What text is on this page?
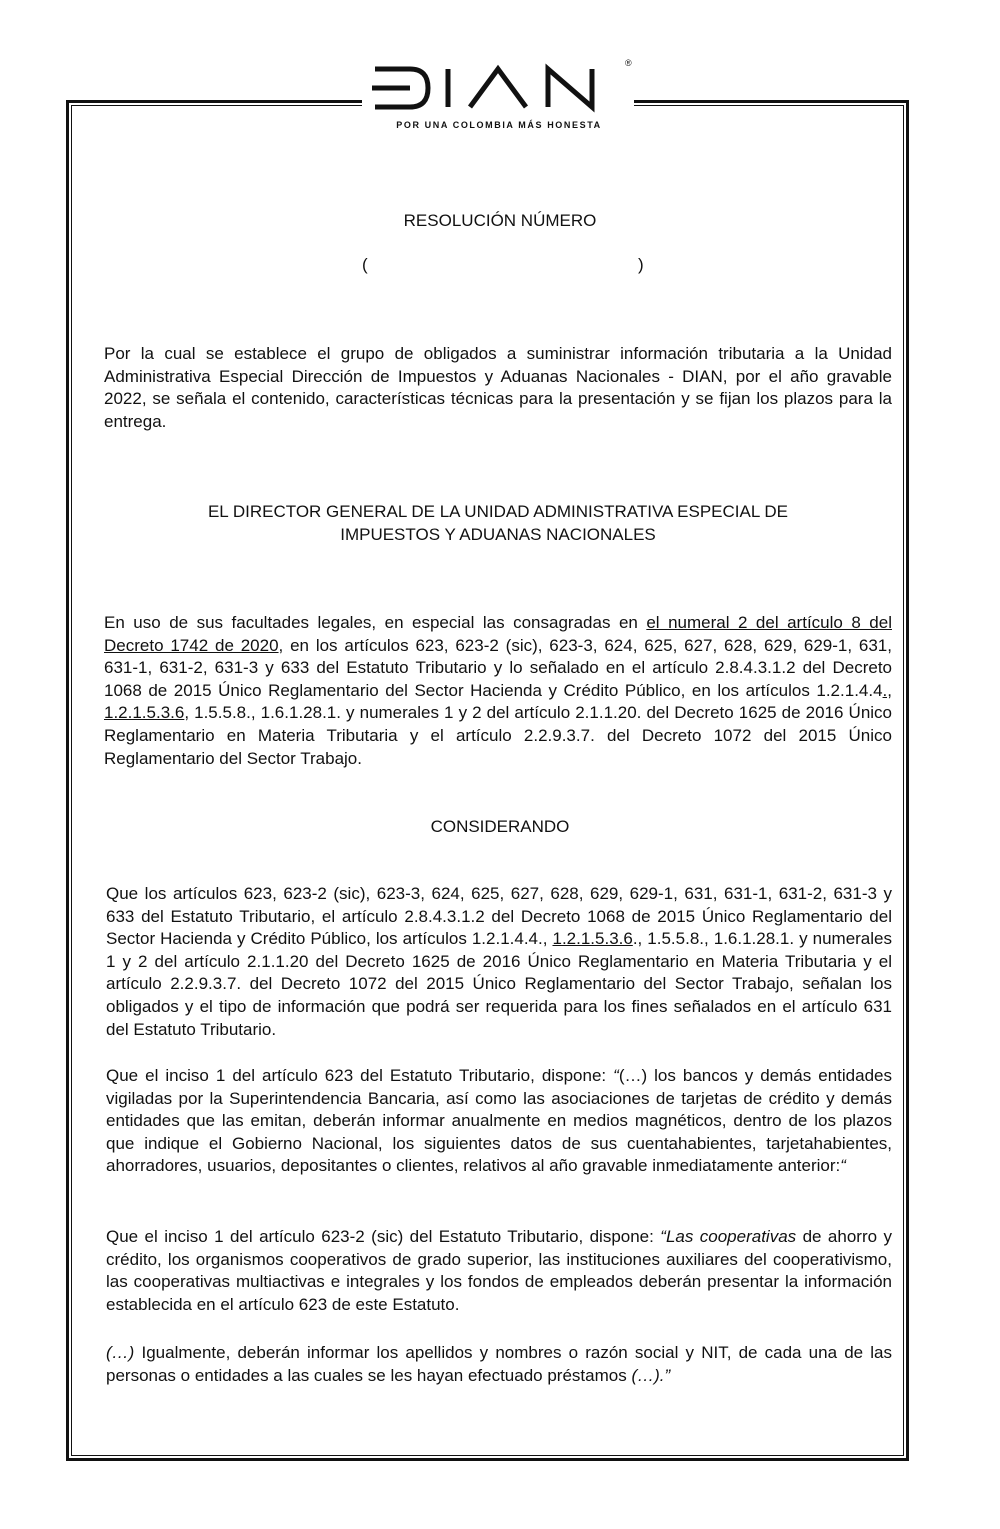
®
POR UNA COLOMBIA MÁS HONESTA
RESOLUCIÓN NÚMERO
(	)
Por la cual se establece el grupo de obligados a suministrar información tributaria a la Unidad Administrativa Especial Dirección de Impuestos y Aduanas Nacionales - DIAN, por el año gravable 2022, se señala el contenido, características técnicas para la presentación y se fijan los plazos para la entrega.
EL DIRECTOR GENERAL DE LA UNIDAD ADMINISTRATIVA ESPECIAL DE
IMPUESTOS Y ADUANAS NACIONALES
En uso de sus facultades legales, en especial las consagradas en el numeral 2 del artículo 8 del Decreto 1742 de 2020, en los artículos 623, 623-2 (sic), 623-3, 624, 625, 627, 628, 629, 629-1, 631, 631-1, 631-2, 631-3 y 633 del Estatuto Tributario y lo señalado en el artículo 2.8.4.3.1.2 del Decreto 1068 de 2015 Único Reglamentario del Sector Hacienda y Crédito Público, en los artículos 1.2.1.4.4., 1.2.1.5.3.6, 1.5.5.8., 1.6.1.28.1. y numerales 1 y 2 del artículo 2.1.1.20. del Decreto 1625 de 2016 Único Reglamentario en Materia Tributaria y el artículo 2.2.9.3.7. del Decreto 1072 del 2015 Único Reglamentario del Sector Trabajo.
CONSIDERANDO
Que los artículos 623, 623-2 (sic), 623-3, 624, 625, 627, 628, 629, 629-1, 631, 631-1, 631-2, 631-3 y 633 del Estatuto Tributario, el artículo 2.8.4.3.1.2 del Decreto 1068 de 2015 Único Reglamentario del Sector Hacienda y Crédito Público, los artículos 1.2.1.4.4., 1.2.1.5.3.6., 1.5.5.8., 1.6.1.28.1. y numerales 1 y 2 del artículo 2.1.1.20 del Decreto 1625 de 2016 Único Reglamentario en Materia Tributaria y el artículo 2.2.9.3.7. del Decreto 1072 del 2015 Único Reglamentario del Sector Trabajo, señalan los obligados y el tipo de información que podrá ser requerida para los fines señalados en el artículo 631 del Estatuto Tributario.
Que el inciso 1 del artículo 623 del Estatuto Tributario, dispone: “(…) los bancos y demás entidades vigiladas por la Superintendencia Bancaria, así como las asociaciones de tarjetas de crédito y demás entidades que las emitan, deberán informar anualmente en medios magnéticos, dentro de los plazos que indique el Gobierno Nacional, los siguientes datos de sus cuentahabientes, tarjetahabientes, ahorradores, usuarios, depositantes o clientes, relativos al año gravable inmediatamente anterior:“
Que el inciso 1 del artículo 623-2 (sic) del Estatuto Tributario, dispone: “Las cooperativas de ahorro y crédito, los organismos cooperativos de grado superior, las instituciones auxiliares del cooperativismo, las cooperativas multiactivas e integrales y los fondos de empleados deberán presentar la información establecida en el artículo 623 de este Estatuto.
(…) Igualmente, deberán informar los apellidos y nombres o razón social y NIT, de cada una de las personas o entidades a las cuales se les hayan efectuado préstamos (…).”
